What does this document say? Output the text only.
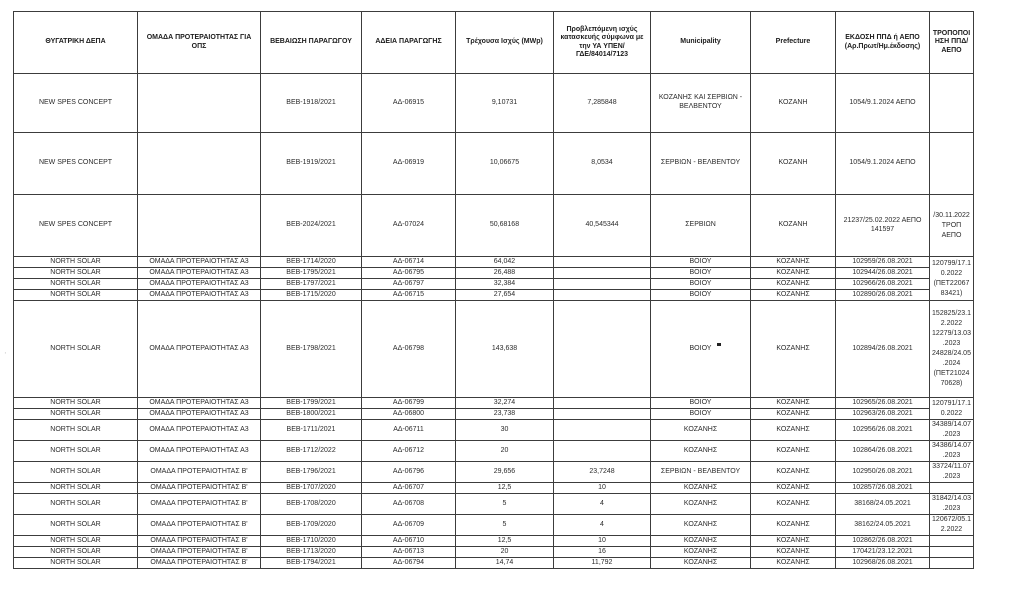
ΘΥΓΑΤΡΙΚΗ ΔΕΠΑ	ΟΜΑΔΑ ΠΡΟΤΕΡΑΙΟΤΗΤΑΣ ΓΙΑ ΟΠΣ	ΒΕΒΑΙΩΣΗ ΠΑΡΑΓΩΓΟΥ	ΑΔΕΙΑ ΠΑΡΑΓΩΓΗΣ	Τρέχουσα Ισχύς (MWp)	Προβλεπόμενη ισχύς κατασκευής σύμφωνα με την ΥΑ ΥΠΕΝ/ΓΔΕ/84014/7123	Municipality	Prefecture	ΕΚΔΟΣΗ ΠΠΔ ή ΑΕΠΟ (Αρ.Πρωτ/Ημ.έκδοσης)	ΤΡΟΠΟΠΟΙΗΣΗ ΠΠΔ/ΑΕΠΟ
NEW SPES CONCEPT		ΒΕΒ-1918/2021	ΑΔ-06915	9,10731	7,285848	ΚΟΖΑΝΗΣ ΚΑΙ ΣΕΡΒΙΩΝ - ΒΕΛΒΕΝΤΟΥ	ΚΟΖΑΝΗ	1054/9.1.2024 ΑΕΠΟ	
NEW SPES CONCEPT		ΒΕΒ-1919/2021	ΑΔ-06919	10,06675	8,0534	ΣΕΡΒΙΩΝ - ΒΕΛΒΕΝΤΟΥ	ΚΟΖΑΝΗ	1054/9.1.2024 ΑΕΠΟ	
NEW SPES CONCEPT		ΒΕΒ-2024/2021	ΑΔ-07024	50,68168	40,545344	ΣΕΡΒΙΩΝ	ΚΟΖΑΝΗ	21237/25.02.2022 ΑΕΠΟ 141597	/30.11.2022 ΤΡΟΠ ΑΕΠΟ
NORTH SOLAR	ΟΜΑΔΑ ΠΡΟΤΕΡΑΙΟΤΗΤΑΣ Α3	ΒΕΒ-1714/2020	ΑΔ-06714	64,042		ΒΟΙΟΥ	ΚΟΖΑΝΗΣ	102959/26.08.2021	120799/17.10.2022 (ΠΕΤ2206783421)
NORTH SOLAR	ΟΜΑΔΑ ΠΡΟΤΕΡΑΙΟΤΗΤΑΣ Α3	ΒΕΒ-1795/2021	ΑΔ-06795	26,488		ΒΟΙΟΥ	ΚΟΖΑΝΗΣ	102944/26.08.2021	
NORTH SOLAR	ΟΜΑΔΑ ΠΡΟΤΕΡΑΙΟΤΗΤΑΣ Α3	ΒΕΒ-1797/2021	ΑΔ-06797	32,384		ΒΟΙΟΥ	ΚΟΖΑΝΗΣ	102966/26.08.2021	
NORTH SOLAR	ΟΜΑΔΑ ΠΡΟΤΕΡΑΙΟΤΗΤΑΣ Α3	ΒΕΒ-1715/2020	ΑΔ-06715	27,654		ΒΟΙΟΥ	ΚΟΖΑΝΗΣ	102890/26.08.2021	
NORTH SOLAR	ΟΜΑΔΑ ΠΡΟΤΕΡΑΙΟΤΗΤΑΣ Α3	ΒΕΒ-1798/2021	ΑΔ-06798	143,638		ΒΟΙΟΥ	ΚΟΖΑΝΗΣ	102894/26.08.2021	152825/23.12.2022 12279/13.03.2023 24828/24.05.2024 (ΠΕΤ2102470628)
NORTH SOLAR	ΟΜΑΔΑ ΠΡΟΤΕΡΑΙΟΤΗΤΑΣ Α3	ΒΕΒ-1799/2021	ΑΔ-06799	32,274		ΒΟΙΟΥ	ΚΟΖΑΝΗΣ	102965/26.08.2021	120791/17.10.2022
NORTH SOLAR	ΟΜΑΔΑ ΠΡΟΤΕΡΑΙΟΤΗΤΑΣ Α3	ΒΕΒ-1800/2021	ΑΔ-06800	23,738		ΒΟΙΟΥ	ΚΟΖΑΝΗΣ	102963/26.08.2021	
NORTH SOLAR	ΟΜΑΔΑ ΠΡΟΤΕΡΑΙΟΤΗΤΑΣ Α3	ΒΕΒ-1711/2021	ΑΔ-06711	30		ΚΟΖΑΝΗΣ	ΚΟΖΑΝΗΣ	102956/26.08.2021	34389/14.07.2023
NORTH SOLAR	ΟΜΑΔΑ ΠΡΟΤΕΡΑΙΟΤΗΤΑΣ Α3	ΒΕΒ-1712/2022	ΑΔ-06712	20		ΚΟΖΑΝΗΣ	ΚΟΖΑΝΗΣ	102864/26.08.2021	34386/14.07.2023
NORTH SOLAR	ΟΜΑΔΑ ΠΡΟΤΕΡΑΙΟΤΗΤΑΣ Β'	ΒΕΒ-1796/2021	ΑΔ-06796	29,656	23,7248	ΣΕΡΒΙΩΝ - ΒΕΛΒΕΝΤΟΥ	ΚΟΖΑΝΗΣ	102950/26.08.2021	33724/11.07.2023
NORTH SOLAR	ΟΜΑΔΑ ΠΡΟΤΕΡΑΙΟΤΗΤΑΣ Β'	ΒΕΒ-1707/2020	ΑΔ-06707	12,5	10	ΚΟΖΑΝΗΣ	ΚΟΖΑΝΗΣ	102857/26.08.2021	
NORTH SOLAR	ΟΜΑΔΑ ΠΡΟΤΕΡΑΙΟΤΗΤΑΣ Β'	ΒΕΒ-1708/2020	ΑΔ-06708	5	4	ΚΟΖΑΝΗΣ	ΚΟΖΑΝΗΣ	38168/24.05.2021	31842/14.03.2023
NORTH SOLAR	ΟΜΑΔΑ ΠΡΟΤΕΡΑΙΟΤΗΤΑΣ Β'	ΒΕΒ-1709/2020	ΑΔ-06709	5	4	ΚΟΖΑΝΗΣ	ΚΟΖΑΝΗΣ	38162/24.05.2021	120672/05.12.2022
NORTH SOLAR	ΟΜΑΔΑ ΠΡΟΤΕΡΑΙΟΤΗΤΑΣ Β'	ΒΕΒ-1710/2020	ΑΔ-06710	12,5	10	ΚΟΖΑΝΗΣ	ΚΟΖΑΝΗΣ	102862/26.08.2021	
NORTH SOLAR	ΟΜΑΔΑ ΠΡΟΤΕΡΑΙΟΤΗΤΑΣ Β'	ΒΕΒ-1713/2020	ΑΔ-06713	20	16	ΚΟΖΑΝΗΣ	ΚΟΖΑΝΗΣ	170421/23.12.2021	
NORTH SOLAR	ΟΜΑΔΑ ΠΡΟΤΕΡΑΙΟΤΗΤΑΣ Β'	ΒΕΒ-1794/2021	ΑΔ-06794	14,74	11,792	ΚΟΖΑΝΗΣ	ΚΟΖΑΝΗΣ	102968/26.08.2021	
ˌ
